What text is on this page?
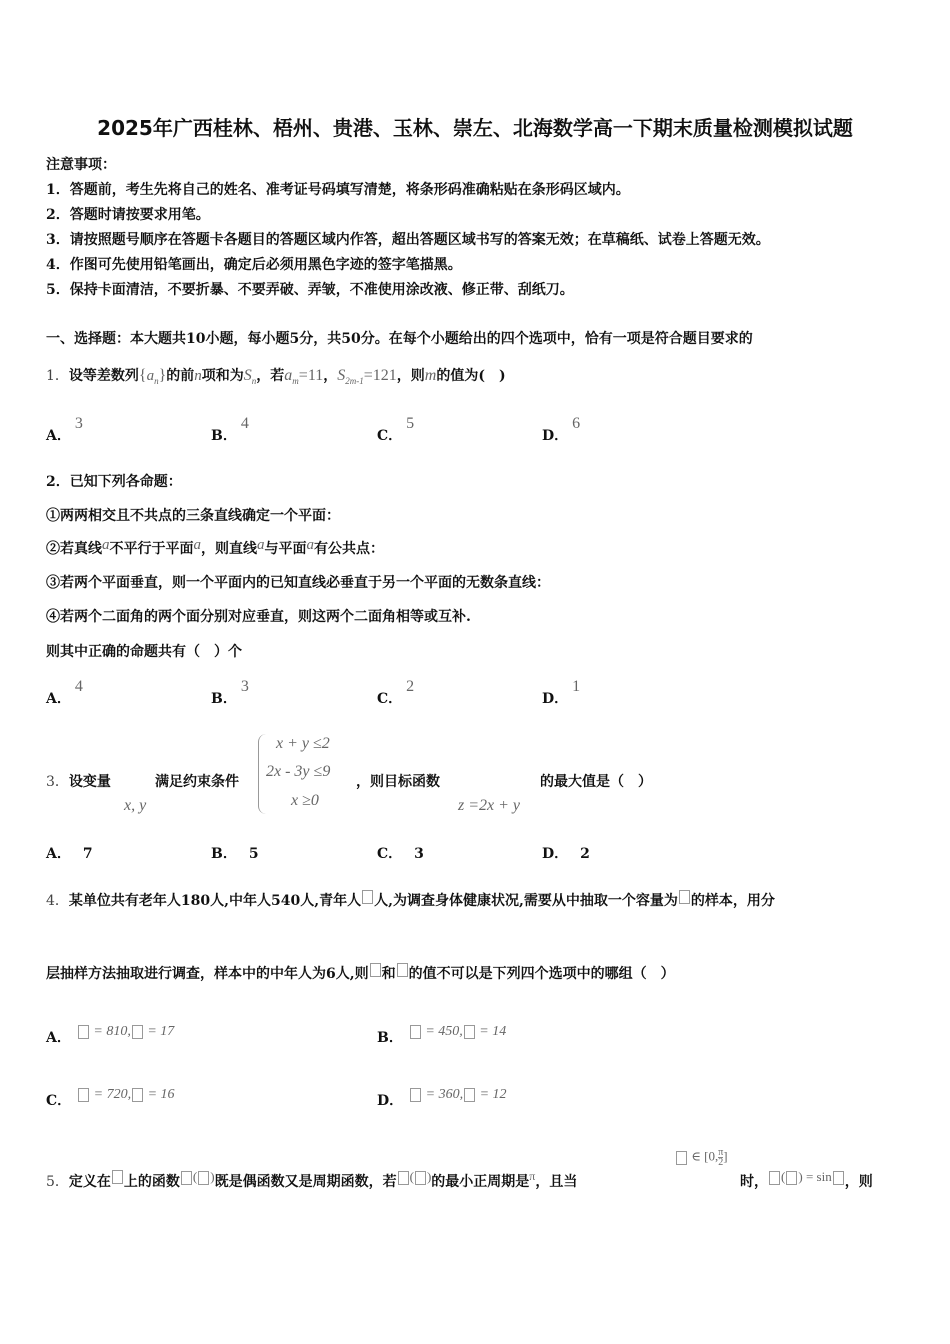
2025年广西桂林、梧州、贵港、玉林、崇左、北海数学高一下期末质量检测模拟试题
注意事项：
1．答题前，考生先将自己的姓名、准考证号码填写清楚，将条形码准确粘贴在条形码区域内。
2．答题时请按要求用笔。
3．请按照题号顺序在答题卡各题目的答题区域内作答，超出答题区域书写的答案无效；在草稿纸、试卷上答题无效。
4．作图可先使用铅笔画出，确定后必须用黑色字迹的签字笔描黑。
5．保持卡面清洁，不要折暴、不要弄破、弄皱，不准使用涂改液、修正带、刮纸刀。
一、选择题：本大题共10小题，每小题5分，共50分。在每个小题给出的四个选项中，恰有一项是符合题目要求的
1．设等差数列$\{a_n\}$的前n项和为$S_n$，若$a_m=11$，$S_{2m-1}=121$，则m的值为(　)
A．3
B．4
C．5
D．6
2．已知下列各命题：
①两两相交且不共点的三条直线确定一个平面：
②若真线a不平行于平面a，则直线a与平面a有公共点：
③若两个平面垂直，则一个平面内的已知直线必垂直于另一个平面的无数条直线：
④若两个二面角的两个面分别对应垂直，则这两个二面角相等或互补.
则其中正确的命题共有（　）个
A．4
B．3
C．2
D．1
3．设变量
x, y
满足约束条件
x + y ≤2
2x - 3y ≤9
x ≥0
，则目标函数
z =2x + y
的最大值是（　）
A． 7	B． 5	C． 3	D． 2
4．某单位共有老年人180人,中年人540人,青年人 人,为调查身体健康状况,需要从中抽取一个容量为 的样本，用分
层抽样方法抽取进行调查，样本中的中年人为6人,则 和 的值不可以是下列四个选项中的哪组（　）
A． = 810, = 17	B． = 450, = 14
C． = 720, = 16	D． = 360, = 12
5．定义在 上的函数 ( )既是偶函数又是周期函数，若 ( )的最小正周期是π，且当
∈ [0, $\frac{\pi}{2}$ ]
时， ( ) = sin ，则
